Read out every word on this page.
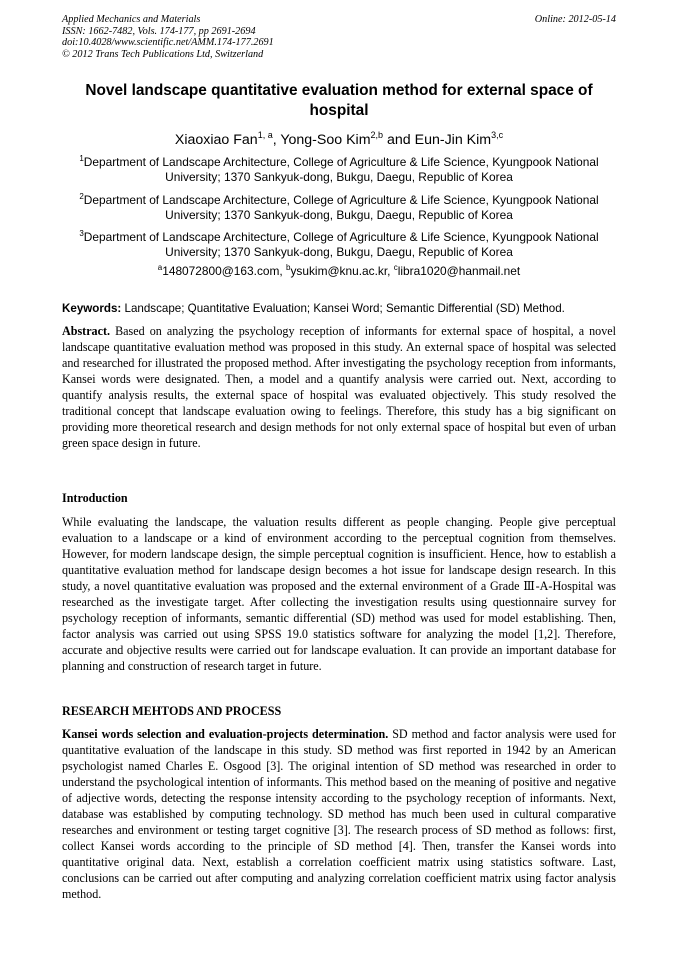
Applied Mechanics and Materials
ISSN: 1662-7482, Vols. 174-177, pp 2691-2694
doi:10.4028/www.scientific.net/AMM.174-177.2691
© 2012 Trans Tech Publications Ltd, Switzerland
Online: 2012-05-14
Novel landscape quantitative evaluation method for external space of hospital
Xiaoxiao Fan$^{1, a}$, Yong-Soo Kim$^{2,b}$ and Eun-Jin Kim$^{3,c}$
$^1$Department of Landscape Architecture, College of Agriculture & Life Science, Kyungpook National University; 1370 Sankyuk-dong, Bukgu, Daegu, Republic of Korea
$^2$Department of Landscape Architecture, College of Agriculture & Life Science, Kyungpook National University; 1370 Sankyuk-dong, Bukgu, Daegu, Republic of Korea
$^3$Department of Landscape Architecture, College of Agriculture & Life Science, Kyungpook National University; 1370 Sankyuk-dong, Bukgu, Daegu, Republic of Korea
$^a$148072800@163.com, $^b$ysukim@knu.ac.kr, $^c$libra1020@hanmail.net
Keywords: Landscape; Quantitative Evaluation; Kansei Word; Semantic Differential (SD) Method.
Abstract. Based on analyzing the psychology reception of informants for external space of hospital, a novel landscape quantitative evaluation method was proposed in this study. An external space of hospital was selected and researched for illustrated the proposed method. After investigating the psychology reception from informants, Kansei words were designated. Then, a model and a quantify analysis were carried out. Next, according to quantify analysis results, the external space of hospital was evaluated objectively. This study resolved the traditional concept that landscape evaluation owing to feelings. Therefore, this study has a big significant on providing more theoretical research and design methods for not only external space of hospital but even of urban green space design in future.
Introduction
While evaluating the landscape, the valuation results different as people changing. People give perceptual evaluation to a landscape or a kind of environment according to the perceptual cognition from themselves. However, for modern landscape design, the simple perceptual cognition is insufficient. Hence, how to establish a quantitative evaluation method for landscape design becomes a hot issue for landscape design research. In this study, a novel quantitative evaluation was proposed and the external environment of a Grade Ⅲ-A-Hospital was researched as the investigate target. After collecting the investigation results using questionnaire survey for psychology reception of informants, semantic differential (SD) method was used for model establishing. Then, factor analysis was carried out using SPSS 19.0 statistics software for analyzing the model [1,2]. Therefore, accurate and objective results were carried out for landscape evaluation. It can provide an important database for planning and construction of research target in future.
RESEARCH MEHTODS AND PROCESS
Kansei words selection and evaluation-projects determination. SD method and factor analysis were used for quantitative evaluation of the landscape in this study. SD method was first reported in 1942 by an American psychologist named Charles E. Osgood [3]. The original intention of SD method was researched in order to understand the psychological intention of informants. This method based on the meaning of positive and negative of adjective words, detecting the response intensity according to the psychology reception of informants. Next, database was established by computing technology. SD method has much been used in cultural comparative researches and environment or testing target cognitive [3]. The research process of SD method as follows: first, collect Kansei words according to the principle of SD method [4]. Then, transfer the Kansei words into quantitative original data. Next, establish a correlation coefficient matrix using statistics software. Last, conclusions can be carried out after computing and analyzing correlation coefficient matrix using factor analysis method.
